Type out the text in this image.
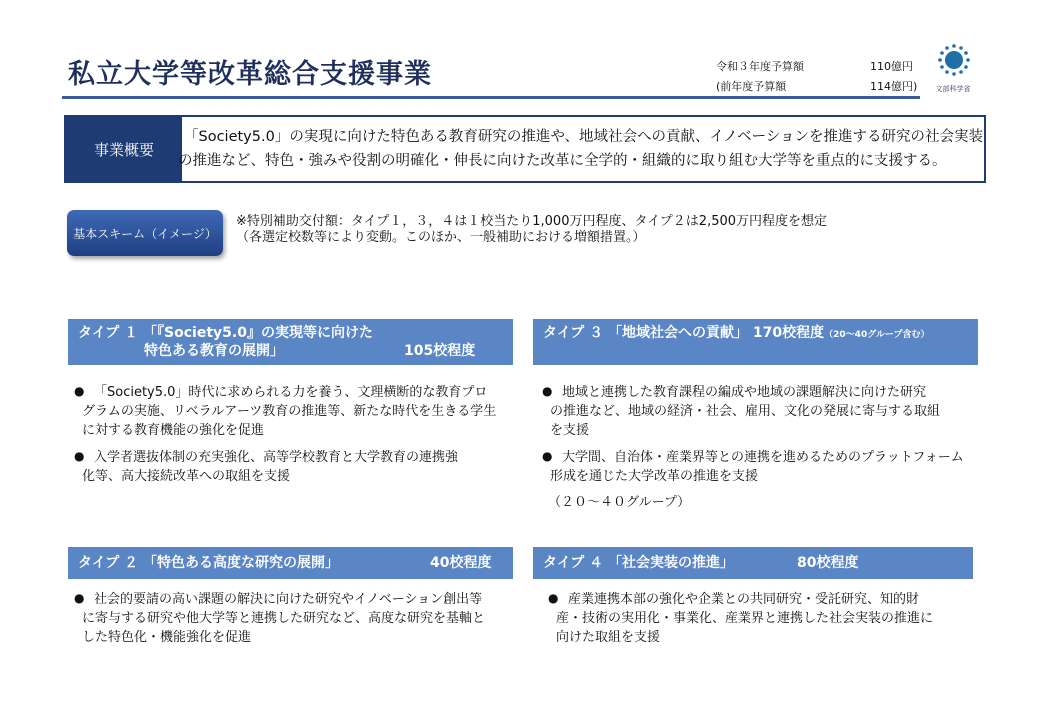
私立大学等改革総合支援事業	令和３年度予算額	110億円
(前年度予算額	114億円)	文部科学省
事業概要
「Society5.0」の実現に向けた特色ある教育研究の推進や、地域社会への貢献、イノベーションを推進する研究の社会実装
の推進など、特色・強みや役割の明確化・伸長に向けた改革に全学的・組織的に取り組む大学等を重点的に支援する。
基本スキーム（イメージ）
※特別補助交付額：タイプ１，３，４は１校当たり1,000万円程度、タイプ２は2,500万円程度を想定
（各選定校数等により変動。このほか、一般補助における増額措置。）
タイプ １ 「『Society5.0』の実現等に向けた
特色ある教育の展開」	105校程度
● 「Society5.0」時代に求められる力を養う、文理横断的な教育プロ
グラムの実施、リベラルアーツ教育の推進等、新たな時代を生きる学生
に対する教育機能の強化を促進
● 入学者選抜体制の充実強化、高等学校教育と大学教育の連携強
化等、高大接続改革への取組を支援
タイプ ３ 「地域社会への貢献」 170校程度（20～40グループ含む）
● 地域と連携した教育課程の編成や地域の課題解決に向けた研究
の推進など、地域の経済・社会、雇用、文化の発展に寄与する取組
を支援
● 大学間、自治体・産業界等との連携を進めるためのプラットフォーム
形成を通じた大学改革の推進を支援
（２０～４０グループ）
タイプ ２ 「特色ある高度な研究の展開」	40校程度
● 社会的要請の高い課題の解決に向けた研究やイノベーション創出等
に寄与する研究や他大学等と連携した研究など、高度な研究を基軸と
した特色化・機能強化を促進
タイプ ４ 「社会実装の推進」	80校程度
● 産業連携本部の強化や企業との共同研究・受託研究、知的財
産・技術の実用化・事業化、産業界と連携した社会実装の推進に
向けた取組を支援
